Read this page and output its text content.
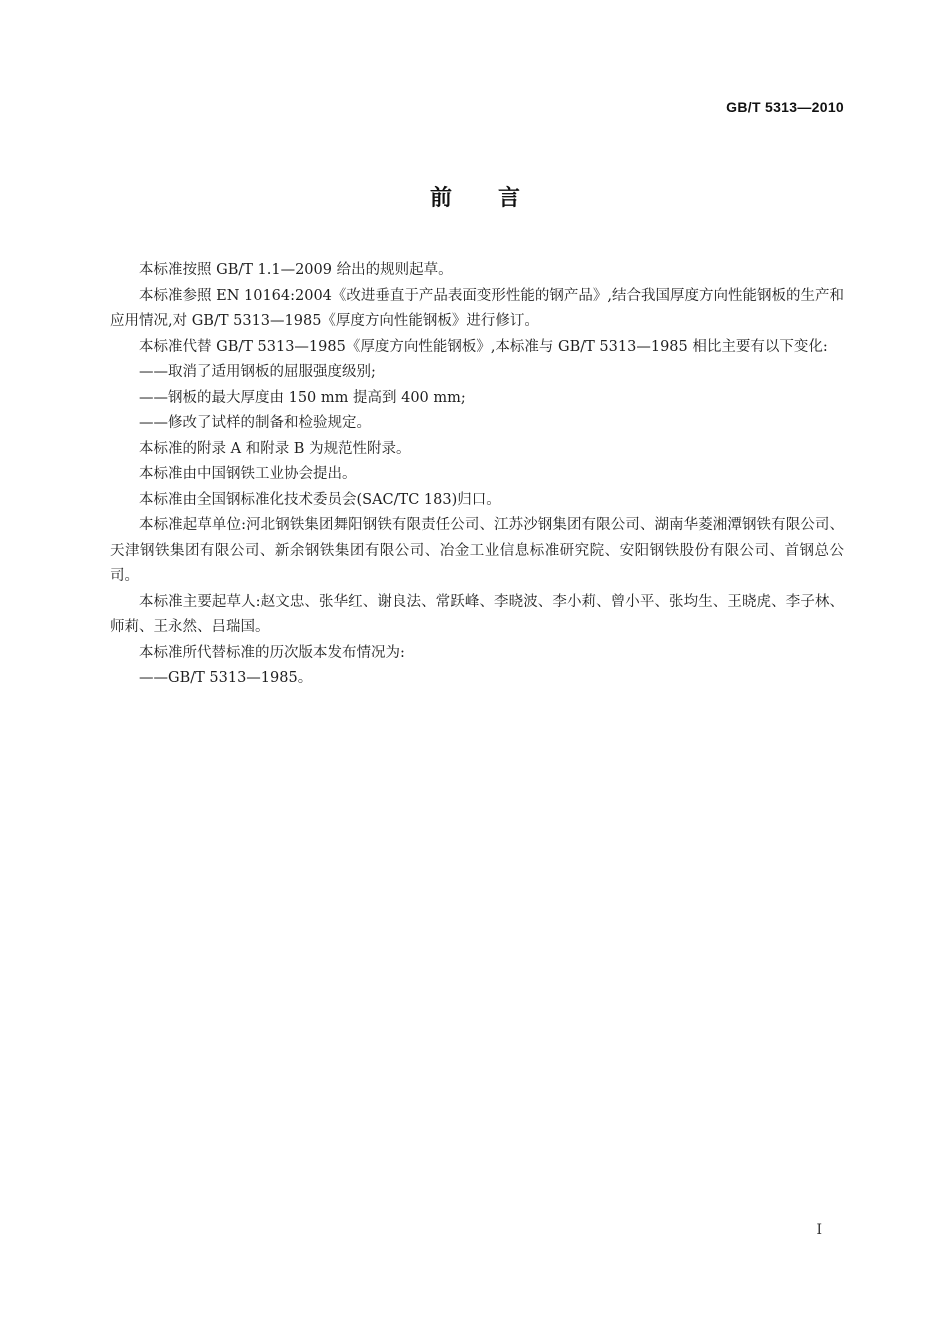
GB/T 5313—2010
前言

本标准按照 GB/T 1.1—2009 给出的规则起草。

本标准参照 EN 10164:2004《改进垂直于产品表面变形性能的钢产品》,结合我国厚度方向性能钢板的生产和应用情况,对 GB/T 5313—1985《厚度方向性能钢板》进行修订。

本标准代替 GB/T 5313—1985《厚度方向性能钢板》,本标准与 GB/T 5313—1985 相比主要有以下变化:

——取消了适用钢板的屈服强度级别;

——钢板的最大厚度由 150 mm 提高到 400 mm;

——修改了试样的制备和检验规定。

本标准的附录 A 和附录 B 为规范性附录。

本标准由中国钢铁工业协会提出。

本标准由全国钢标准化技术委员会(SAC/TC 183)归口。

本标准起草单位:河北钢铁集团舞阳钢铁有限责任公司、江苏沙钢集团有限公司、湖南华菱湘潭钢铁有限公司、天津钢铁集团有限公司、新余钢铁集团有限公司、冶金工业信息标准研究院、安阳钢铁股份有限公司、首钢总公司。

本标准主要起草人:赵文忠、张华红、谢良法、常跃峰、李晓波、李小莉、曾小平、张均生、王晓虎、李子林、师莉、王永然、吕瑞国。

本标准所代替标准的历次版本发布情况为:

——GB/T 5313—1985。

I
